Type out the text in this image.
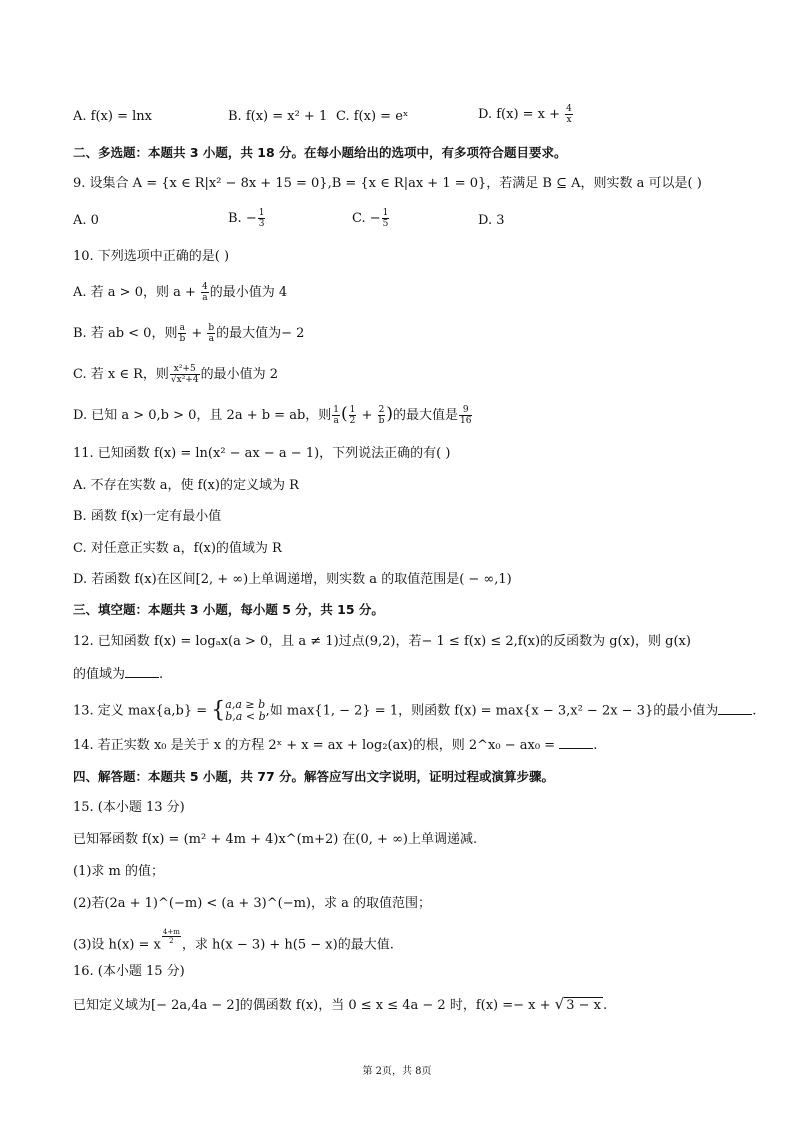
A. f(x) = lnx	B. f(x) = x² + 1 C. f(x) = eˣ	D. $f(x) = x + \frac{4}{x}$
二、多选题：本题共 3 小题，共 18 分。在每小题给出的选项中，有多项符合题目要求。
9. 设集合 A = {x ∈ R|x² − 8x + 15 = 0},B = {x ∈ R|ax + 1 = 0}，若满足 B ⊆ A，则实数 a 可以是( )
A. 0	B. − $\frac{1}{3}$	C. − $\frac{1}{5}$	D. 3
10. 下列选项中正确的是( )
A. 若 a > 0，则 $a + \frac{4}{a}$ 的最小值为 4
B. 若 ab < 0，则 $\frac{a}{b} + \frac{b}{a}$ 的最大值为− 2
C. 若 x ∈ R，则 $\frac{\text{x²+5}}{\text{√x²+4}}$ 的最小值为 2
D. 已知 a > 0,b > 0，且 2a + b = ab，则 $\frac{1}{a}$ ( $\frac{1}{2} + \frac{2}{b}$ )的最大值是 $\frac{9}{16}$
11. 已知函数 f(x) = ln(x² − ax − a − 1)，下列说法正确的有( )
A. 不存在实数 a，使 f(x)的定义域为 R
B. 函数 f(x)一定有最小值
C. 对任意正实数 a，f(x)的值域为 R
D. 若函数 f(x)在区间[2, + ∞)上单调递增，则实数 a 的取值范围是( − ∞,1)
三、填空题：本题共 3 小题，每小题 5 分，共 15 分。
12. 已知函数 f(x) = logₐx(a > 0，且 a ≠ 1)过点(9,2)，若− 1 ≤ f(x) ≤ 2,f(x)的反函数为 g(x)，则 g(x)
的值域为	.
13. 定义 max{a,b} = { a,a ≥ b
b,a < b ,如 max{1, − 2} = 1，则函数 f(x) = max{x − 3,x² − 2x − 3}的最小值为	.
14. 若正实数 x₀ 是关于 x 的方程 2ˣ + x = ax + log₂(ax)的根，则 2^x₀ − ax₀ =	.
四、解答题：本题共 5 小题，共 77 分。解答应写出文字说明，证明过程或演算步骤。
15. (本小题 13 分)
已知幂函数 f(x) = (m² + 4m + 4)x^(m+2) 在(0, + ∞)上单调递减.
(1)求 m 的值；
(2)若(2a + 1)^(−m) < (a + 3)^(−m)，求 a 的取值范围；
(3)设 h(x) = x $\frac{4+m}{2}$ ，求 h(x − 3) + h(5 − x)的最大值.
16. (本小题 15 分)
已知定义域为[− 2a,4a − 2]的偶函数 f(x)，当 0 ≤ x ≤ 4a − 2 时，f(x) =− x + √ 3 − x .
第 2页，共 8页
